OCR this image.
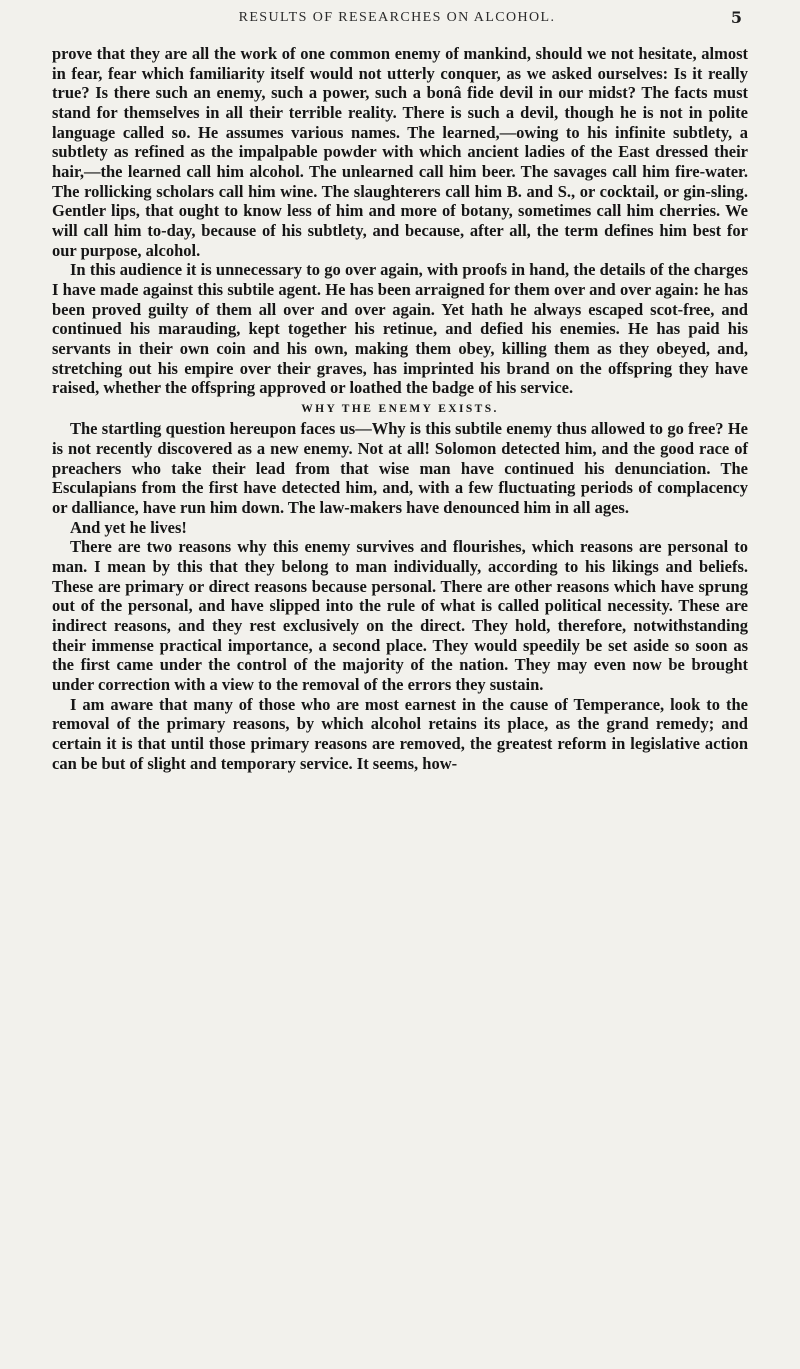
RESULTS OF RESEARCHES ON ALCOHOL.	5

prove that they are all the work of one common enemy of mankind, should we not hesitate, almost in fear, fear which familiarity itself would not utterly conquer, as we asked ourselves: Is it really true? Is there such an enemy, such a power, such a bonâ fide devil in our midst? The facts must stand for themselves in all their terrible reality. There is such a devil, though he is not in polite language called so. He assumes various names. The learned,—owing to his infinite subtlety, a subtlety as refined as the impalpable powder with which ancient ladies of the East dressed their hair,—the learned call him alcohol. The unlearned call him beer. The savages call him fire-water. The rollicking scholars call him wine. The slaughterers call him B. and S., or cocktail, or gin-sling. Gentler lips, that ought to know less of him and more of botany, sometimes call him cherries. We will call him to-day, because of his subtlety, and because, after all, the term defines him best for our purpose, alcohol.

In this audience it is unnecessary to go over again, with proofs in hand, the details of the charges I have made against this subtile agent. He has been arraigned for them over and over again: he has been proved guilty of them all over and over again. Yet hath he always escaped scot-free, and continued his marauding, kept together his retinue, and defied his enemies. He has paid his servants in their own coin and his own, making them obey, killing them as they obeyed, and, stretching out his empire over their graves, has imprinted his brand on the offspring they have raised, whether the offspring approved or loathed the badge of his service.

WHY THE ENEMY EXISTS.

The startling question hereupon faces us—Why is this subtile enemy thus allowed to go free? He is not recently discovered as a new enemy. Not at all! Solomon detected him, and the good race of preachers who take their lead from that wise man have continued his denunciation. The Esculapians from the first have detected him, and, with a few fluctuating periods of complacency or dalliance, have run him down. The law-makers have denounced him in all ages.

And yet he lives!

There are two reasons why this enemy survives and flourishes, which reasons are personal to man. I mean by this that they belong to man individually, according to his likings and beliefs. These are primary or direct reasons because personal. There are other reasons which have sprung out of the personal, and have slipped into the rule of what is called political necessity. These are indirect reasons, and they rest exclusively on the direct. They hold, therefore, notwithstanding their immense practical importance, a second place. They would speedily be set aside so soon as the first came under the control of the majority of the nation. They may even now be brought under correction with a view to the removal of the errors they sustain.

I am aware that many of those who are most earnest in the cause of Temperance, look to the removal of the primary reasons, by which alcohol retains its place, as the grand remedy; and certain it is that until those primary reasons are removed, the greatest reform in legislative action can be but of slight and temporary service. It seems, how-
